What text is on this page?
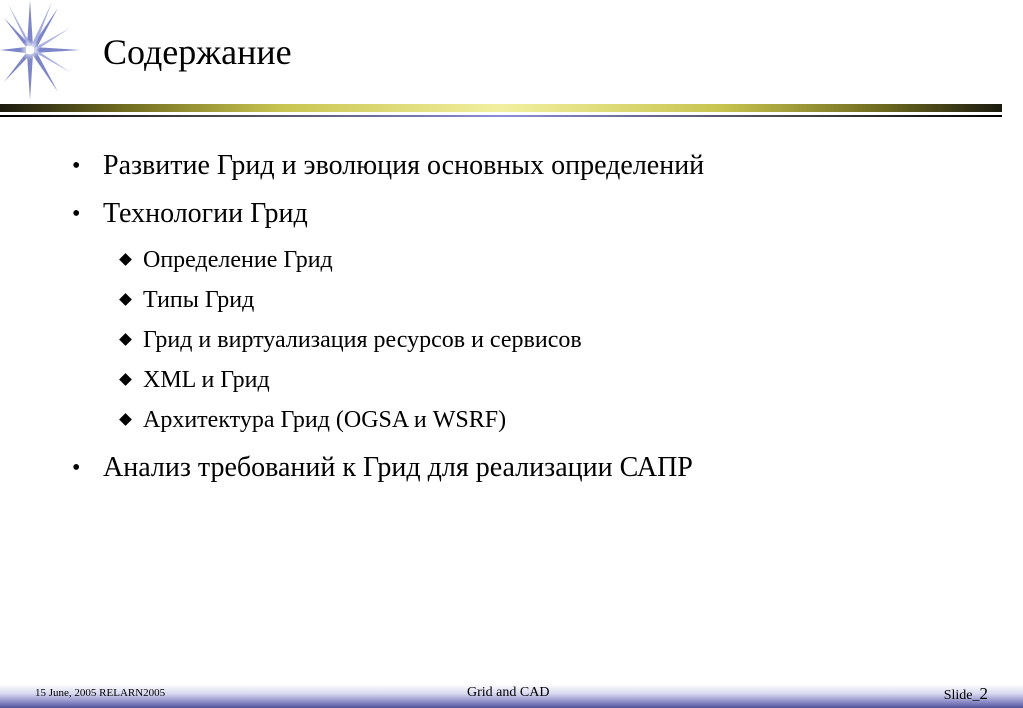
Содержание
• Развитие Грид и эволюция основных определений
• Технологии Грид
Определение Грид
Типы Грид
Грид и виртуализация ресурсов и сервисов
XML и Грид
Архитектура Грид (OGSA и WSRF)
• Анализ требований к Грид для реализации САПР
15 June, 2005 RELARN2005	Grid and CAD	Slide_2
